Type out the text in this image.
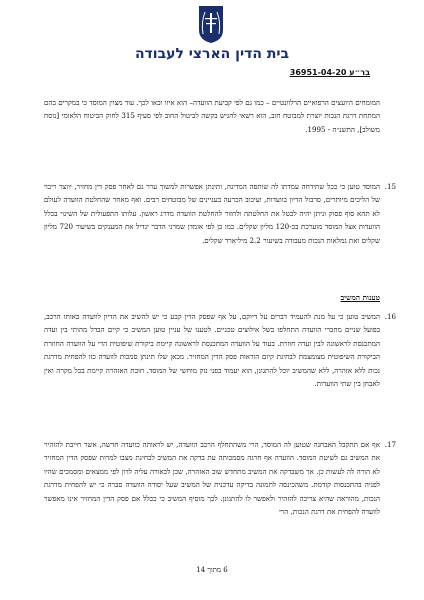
בית הדין הארצי לעבודה
בר״ע 36951-04-20

המומחים היועצים הרפואיים הרלוונטיים – כמו גם לפי קביעת הוועדה– הוא איזו וכאו לכך. עוד מצוין המוסד כי במקרים בהם המתחת דרגת הנכות יוצרת למבוטח חוב, הוא רשאי להגיש בקשה לביטול החוב לפי סעיף 315 לחוק הביטוח הלאומי [נוסח משולב], התשנ״ה - 1995.

15.

המוסד טוען כי ככל שתידחה עמדתו לה שותפה המדינה, ותינתן אפשרות למשוך ערר גם לאחר פסק דין מחזיר, יווצר ריבוי של הליכים מיותרים, סרבול הדיון בוועדות, ועיכוב הכרעה בעניינים של מבוטחים רבים. ואף מאחר שהחלטת הוועדה לעולם לא תהא סוף פסוק וניתן יהיה לבטל את החלטתה ולחזור להחלטת הוועדה מדרג ראשון. עלותו התפעולית של השינוי בכלל הוועדות אצל המוסד מוערכת בכ-120 מליון שקלים. כמו כן לפי אומדן שמרני הדבר יגדיל את המענקים בשיעור 720 מליון שקלים ואת גמלאות הנכות מעבודה בשיעור 2.2 מיליארד שקלים.

טענות המשיב

16.

המשיב טוען כי על מנת להעמיד דברים על דיוקם, על אף שפסק הדין קבע כי יש להשיב את הדיון לוועדה באותו הרכב, בפועל שניים מחברי הוועדה התחלפו בשל אילוצים טכניים. לטענו של עניין טוען המשיב כי קיים הבדל מהותי בין ועדה המתכנסת לראשונה לבין ועדה חוזרת. בעוד על הוועדה המתכנסת לראשונה קיימת ביקורת שיפוטית הרי על הוועדה החוזרת הביקורת השיפוטית מצומצמת לבחינת קיום הוראות פסק הדין המחזיר. מכאן שלו תינתן סמכות לוועדה כזו להפחית מדרגת נכות ללא אזהרה, ללא שהמשיב יוכל להתגונן, הוא יעמוד בפני נזק מוחשי של המוסד. חובת האזהרה קיימת בכל מקרה ואין לאבחן בין שתי הוועדות.

17.

אף אם תתקבל האבחנה שטוען לה המוסד, הרי משהתחלף הרכב הוועדה, יש לראותה כוועדה חדשה, אשר חייבת להזהיר את המשיב גם לשיטת המוסד. הוועדה אף חרגה מסמכותה עת בדקה את המשיב לבחינת מצבו למרות שפסק הדין המחזיר לא הורה לה לעשות כן. אך משבדקה את המשיב מתחדש שוב האזהרה, שכן לכאורה עליה לדון לפי ממצאים ומסמכים שהיו לפניה בהתכנסות קודמת. משהכינסה לתמונה בדיקה עדכנית של המשיב שעל יסודה הוועדה סברה כי יש להפחית מדרגת הנכות, מהוראה שהיא צריכה להזהיר ולאפשר לו להתגונן. לכך מוסיף המשיב כי ככלל אם פסק הדין המחזיר אינו מאפשר לוועדה להפחית את דרגת הנכות, הרי

6 מתוך 14
